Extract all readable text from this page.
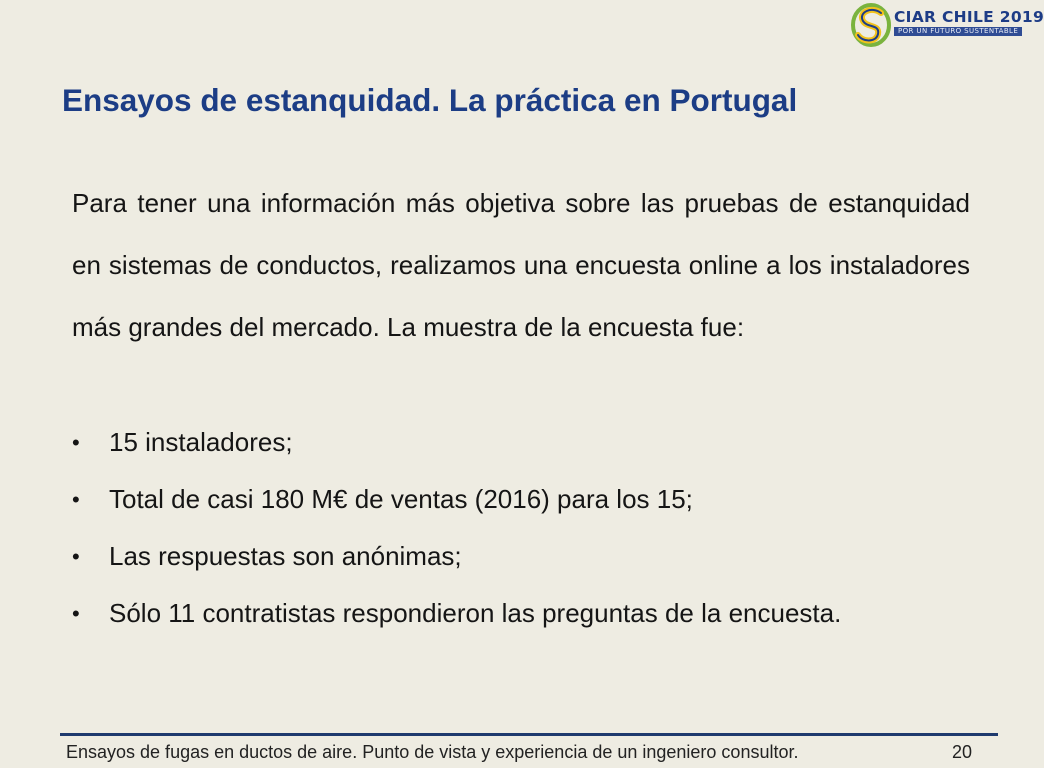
CIAR CHILE 2019
POR UN FUTURO SUSTENTABLE
Ensayos de estanquidad. La práctica en Portugal

Para tener una información más objetiva sobre las pruebas de estanquidad en sistemas de conductos, realizamos una encuesta online a los instaladores más grandes del mercado. La muestra de la encuesta fue:

• 15 instaladores;
• Total de casi 180 M€ de ventas (2016) para los 15;
• Las respuestas son anónimas;
• Sólo 11 contratistas respondieron las preguntas de la encuesta.
Ensayos de fugas en ductos de aire. Punto de vista y experiencia de un ingeniero consultor.	20
